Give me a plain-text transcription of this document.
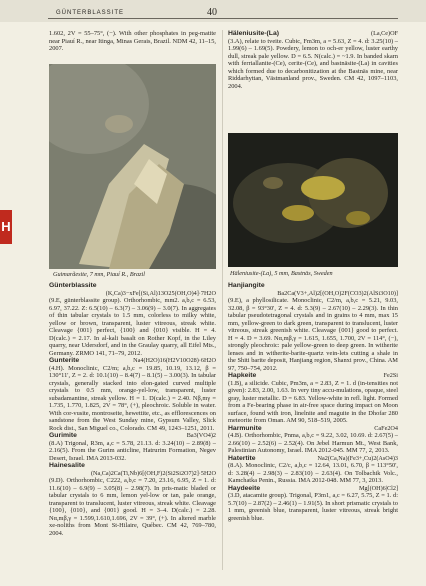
GÜNTERBLASSITE	40
H

1.602, 2V = 55–75°, (−). With other phosphates in peg-matite near Piauí R., near Itinga, Minas Gerais, Brazil. NDM 42, 11–15, 2007.

Guimarãesite, 7 mm, Piauí R., Brazil

Häleniusite-(La)	(La,Ce)OF

(3.A), relate to tveite. Cubic, Fm3m, a = 5.63, Z = 4. d: 3.25(10) – 1.99(6) – 1.69(5). Powdery, lemon to och-er yellow, luster earthy dull, streak pale yellow. D = 6.5. N(calc.) = ~1.9. In banded skarn with ferriallanite-(Ce), cerite-(Ce), and bastnäsite-(La) in cavities which formed due to decarbonitization at the Bastnäs mine, near Riddarhyttan, Västmanland prov., Sweden. CM 42, 1097–1103, 2004.

Häleniusite-(La), 5 mm, Bastnäs, Sweden

Günterblassite

(K,Ca)3−xFe[(Si,Al)13O25(OH,O)4]·7H2O

(9.E, günterblassite group). Orthorhombic, mm2. a,b,c = 6.53, 6.97, 37.22. Z: 6.5(10) – 6.3(7) – 3.06(9) – 3.0(7). In aggregates of thin tabular crystals to 1.5 mm, colorless to milky white, yellow or brown, transparent, luster vitreous, streak white. Cleavage {001} perfect, {100} and {010} visible. H = 4. D(calc.) = 2.17. In al-kali basalt on Rother Kopf, in the Liley quarry, near Udersdorf, and in the Graulay quarry, all Eifel Mts., Germany. ZRMO 141, 71–79, 2012.

Gunterite	Na4(H2O)16(H2V10O28)·6H2O

(4.H). Monoclinic, C2/m; a,b,c = 19.85, 10.19, 13.12, β = 130°11', Z = 2. d: 10.1(10) – 8.4(7) – 8.1(5) – 3.00(3). In tabular crystals, generally stacked into elon-gated curved multiple crystals to 0.5 mm, orange-yel-low, transparent, luster subadamantine, streak yellow. H = 1. D(calc.) = 2.40. Nβ,mγ = 1.735, 1.770, 1.825, 2V = 78°, (+), pleochroic. Soluble in water. With cor-vusite, montroseite, hewettite, etc., as efflorescences on sandstone from the West Sunday mine, Gypsum Valley, Slick Rock dist., San Miguel co., Colorado. CM 49, 1243–1251, 2011.

Gurimite	Ba3(VO4)2

(8.A) Trigonal, R3m, a,c = 5.78, 21.13. d: 3.24(10) – 2.89(8) – 2.16(5). From the Gurim anticline, Hatrurim Formation, Negev Desert, Israel. IMA 2013-032.

Hainesalite

(Na,Ca)2Ca(Ti,Nb)6[(OH,F)2(Si2Si2O7)2]·5H2O

(9.D). Orthorhombic, C222, a,b,c = 7.20, 23.16, 6.95, Z = 1. d: 11.6(10) – 6.9(9) – 3.05(8) – 2.98(7). In pris-matic bladed or tabular crystals to 6 mm, lemon yel-low or tan, pale orange, transparent to translucent, luster vitreous, streak white. Cleavage {100}, {010}, and {001} good. H = 3–4. D(calc.) = 2.28. Nα,mβ,γ = 1.599,1.610,1.696, 2V = 39°, (+). In altered marble xe-noliths from Mont St-Hilaire, Québec. CM 42, 769–780, 2004.

Hanjiangite

Ba2Ca(V3+,Al)2[(OH,O)2F(CO3)2(AlSi3O10)]

(9.E), a phyllosilicate. Monoclinic, C2/m, a,b,c = 5.21, 9.03, 32.08, β = 93°30', Z = 4. d: 5.3(9) – 2.67(10) – 2.29(3). In thin tabular pseudotetragonal crystals and in grains to 4 mm, max 15 mm, yellow-green to dark green, transparent to translucent, luster vitreous, streak greenish white. Cleavage {001} good to perfect. H = 4. D = 3.69. Nα,mβ,γ = 1.615, 1.655, 1.700, 2V = 114°, (−), strongly pleochroic: pale yellow-green to deep green. In witherite lenses and in witherite-barite-quartz vein-lets cutting a shale in the Shiti barite deposit, Hanjiang region, Shanxi prov., China. AM 97, 750–754, 2012.

Hapkeite	Fe2Si

(1.B), a silicide. Cubic, Pm3m, a = 2.83, Z = 1. d (in-tensities not given): 2.83, 2.00, 1.63. In very tiny accu-mulations, opaque, steel gray, luster metallic. D = 6.83. Yellow-white in refl. light. Formed from a Fe-bearing phase in air-free space during impact on Moon surface, found with iron, linelnite and maguite in the Dhofar 280 meteorite from Oman. AM 90, 518–519, 2005.

Harmunite	CaFe2O4

(4.B). Orthorhombic, Pnma, a,b,c = 9.22, 3.02, 10.69. d: 2.67(5) – 2.66(10) – 2.52(6) – 2.52(4). On Jebel Harmun Mt., West Bank, Palestinian Autonomy, Israel. IMA 2012-045. MM 77, 2, 2013.

Hatertite	Na2(Ca,Na)(Fe3+,Cu)2(AsO4)3

(8.A). Monoclinic, C2/c, a,b,c = 12.64, 13.01, 6.70, β = 113°50', d: 3.28(4) – 2.98(3) – 2.83(10) – 2.63(4). On Tolbachik Volc., Kamchatka Penin., Russia. IMA 2012-048. MM 77, 3, 2013.

Haydeeite	Mg[(OH)6|Cl2]

(3.D, atacamite group). Trigonal, P3m1, a,c = 6.27, 5.75, Z = 1. d: 5.7(10) – 2.87(2) – 2.46(1) – 1.91(5). In short prismatic crystals to 1 mm, greenish blue, transparent, luster vitreous, streak bright greenish blue.
